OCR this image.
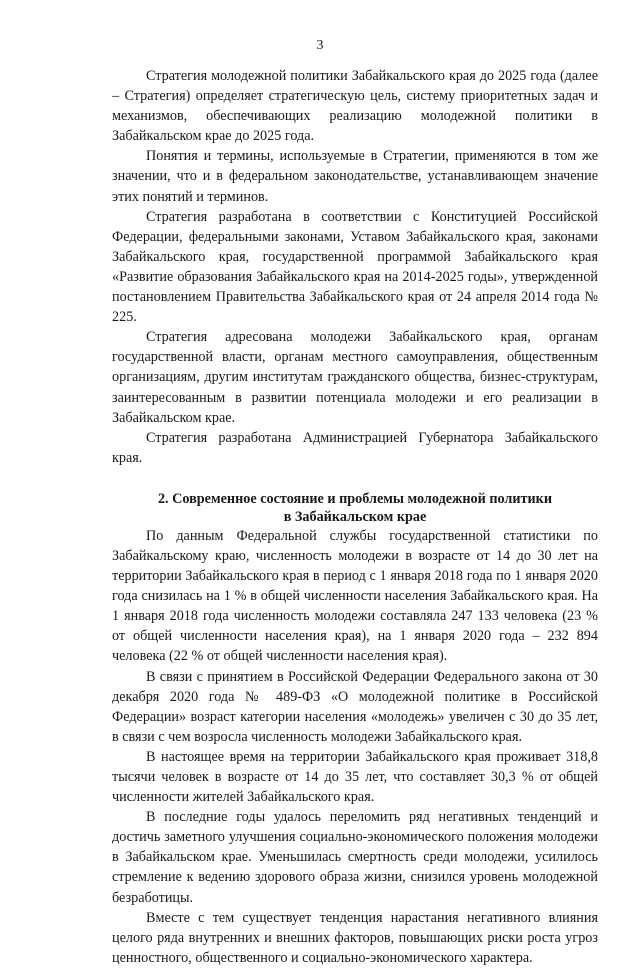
3

Стратегия молодежной политики Забайкальского края до 2025 года (далее – Стратегия) определяет стратегическую цель, систему приоритетных задач и механизмов, обеспечивающих реализацию молодежной политики в Забайкальском крае до 2025 года.

Понятия и термины, используемые в Стратегии, применяются в том же значении, что и в федеральном законодательстве, устанавливающем значение этих понятий и терминов.

Стратегия разработана в соответствии с Конституцией Российской Федерации, федеральными законами, Уставом Забайкальского края, законами Забайкальского края, государственной программой Забайкальского края «Развитие образования Забайкальского края на 2014-2025 годы», утвержденной постановлением Правительства Забайкальского края от 24 апреля 2014 года № 225.

Стратегия адресована молодежи Забайкальского края, органам государственной власти, органам местного самоуправления, общественным организациям, другим институтам гражданского общества, бизнес-структурам, заинтересованным в развитии потенциала молодежи и его реализации в Забайкальском крае.

Стратегия разработана Администрацией Губернатора Забайкальского края.

2. Современное состояние и проблемы молодежной политики
в Забайкальском крае

По данным Федеральной службы государственной статистики по Забайкальскому краю, численность молодежи в возрасте от 14 до 30 лет на территории Забайкальского края в период с 1 января 2018 года по 1 января 2020 года снизилась на 1 % в общей численности населения Забайкальского края. На 1 января 2018 года численность молодежи составляла 247 133 человека (23 % от общей численности населения края), на 1 января 2020 года – 232 894 человека (22 % от общей численности населения края).

В связи с принятием в Российской Федерации Федерального закона от 30 декабря 2020 года № 489-ФЗ «О молодежной политике в Российской Федерации» возраст категории населения «молодежь» увеличен с 30 до 35 лет, в связи с чем возросла численность молодежи Забайкальского края.

В настоящее время на территории Забайкальского края проживает 318,8 тысячи человек в возрасте от 14 до 35 лет, что составляет 30,3 % от общей численности жителей Забайкальского края.

В последние годы удалось переломить ряд негативных тенденций и достичь заметного улучшения социально-экономического положения молодежи в Забайкальском крае. Уменьшилась смертность среди молодежи, усилилось стремление к ведению здорового образа жизни, снизился уровень молодежной безработицы.

Вместе с тем существует тенденция нарастания негативного влияния целого ряда внутренних и внешних факторов, повышающих риски роста угроз ценностного, общественного и социально-экономического характера.
